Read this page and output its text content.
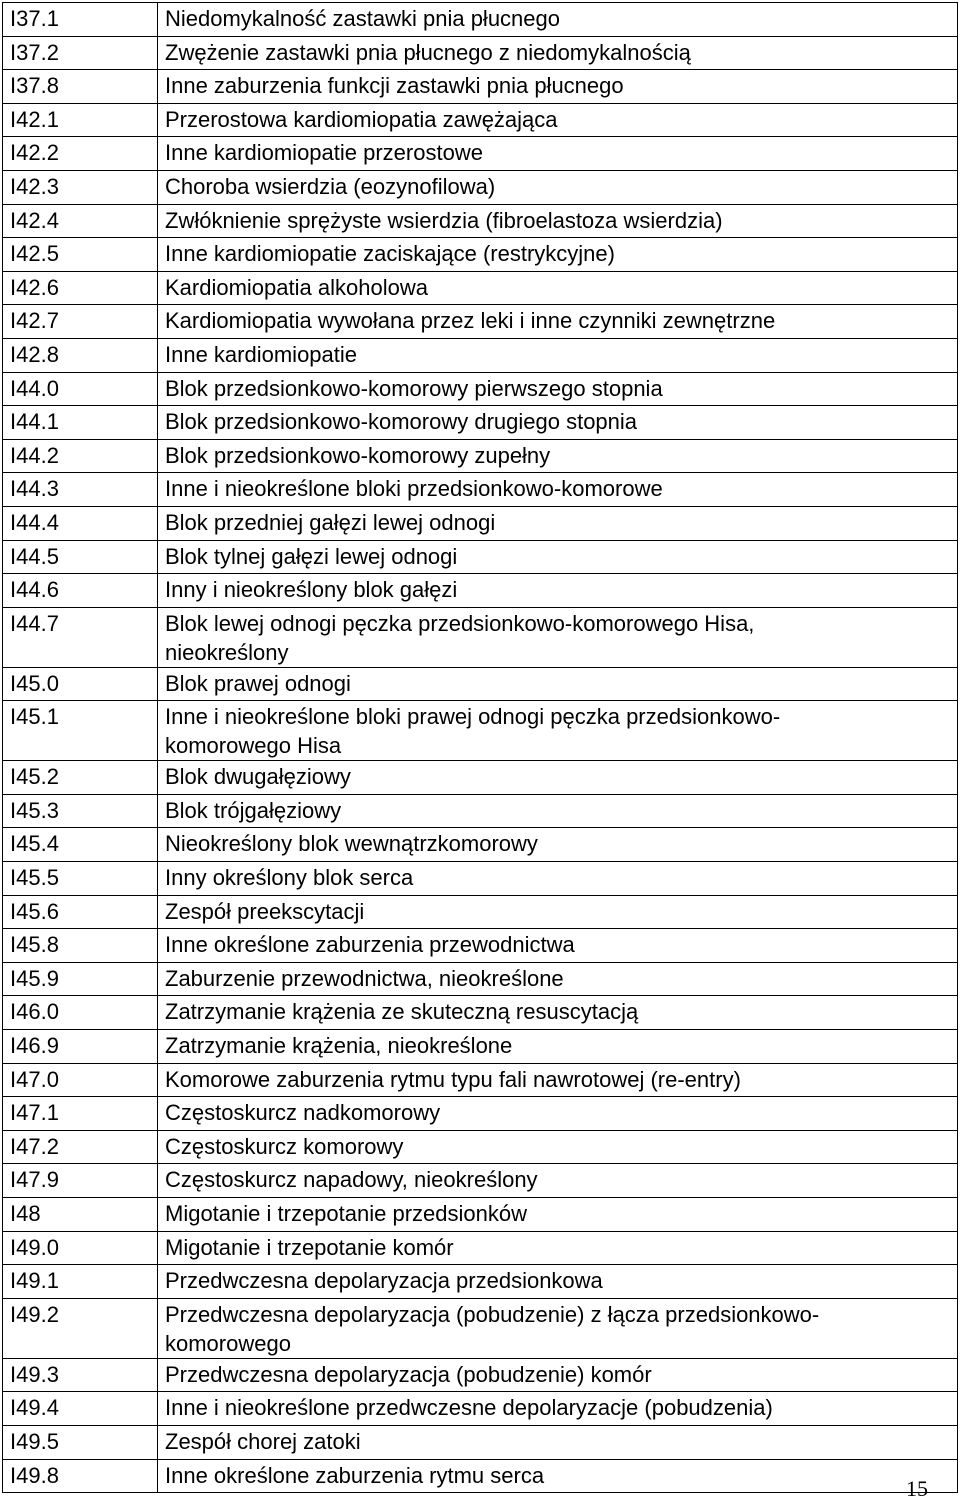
I37.1	Niedomykalność zastawki pnia płucnego
I37.2	Zwężenie zastawki pnia płucnego z niedomykalnością
I37.8	Inne zaburzenia funkcji zastawki pnia płucnego
I42.1	Przerostowa kardiomiopatia zawężająca
I42.2	Inne kardiomiopatie przerostowe
I42.3	Choroba wsierdzia (eozynofilowa)
I42.4	Zwłóknienie sprężyste wsierdzia (fibroelastoza wsierdzia)
I42.5	Inne kardiomiopatie zaciskające (restrykcyjne)
I42.6	Kardiomiopatia alkoholowa
I42.7	Kardiomiopatia wywołana przez leki i inne czynniki zewnętrzne
I42.8	Inne kardiomiopatie
I44.0	Blok przedsionkowo-komorowy pierwszego stopnia
I44.1	Blok przedsionkowo-komorowy drugiego stopnia
I44.2	Blok przedsionkowo-komorowy zupełny
I44.3	Inne i nieokreślone bloki przedsionkowo-komorowe
I44.4	Blok przedniej gałęzi lewej odnogi
I44.5	Blok tylnej gałęzi lewej odnogi
I44.6	Inny i nieokreślony blok gałęzi
I44.7	Blok lewej odnogi pęczka przedsionkowo-komorowego Hisa, nieokreślony
I45.0	Blok prawej odnogi
I45.1	Inne i nieokreślone bloki prawej odnogi pęczka przedsionkowo-komorowego Hisa
I45.2	Blok dwugałęziowy
I45.3	Blok trójgałęziowy
I45.4	Nieokreślony blok wewnątrzkomorowy
I45.5	Inny określony blok serca
I45.6	Zespół preekscytacji
I45.8	Inne określone zaburzenia przewodnictwa
I45.9	Zaburzenie przewodnictwa, nieokreślone
I46.0	Zatrzymanie krążenia ze skuteczną resuscytacją
I46.9	Zatrzymanie krążenia, nieokreślone
I47.0	Komorowe zaburzenia rytmu typu fali nawrotowej (re-entry)
I47.1	Częstoskurcz nadkomorowy
I47.2	Częstoskurcz komorowy
I47.9	Częstoskurcz napadowy, nieokreślony
I48	Migotanie i trzepotanie przedsionków
I49.0	Migotanie i trzepotanie komór
I49.1	Przedwczesna depolaryzacja przedsionkowa
I49.2	Przedwczesna depolaryzacja (pobudzenie) z łącza przedsionkowo-komorowego
I49.3	Przedwczesna depolaryzacja (pobudzenie) komór
I49.4	Inne i nieokreślone przedwczesne depolaryzacje (pobudzenia)
I49.5	Zespół chorej zatoki
I49.8	Inne określone zaburzenia rytmu serca
15
